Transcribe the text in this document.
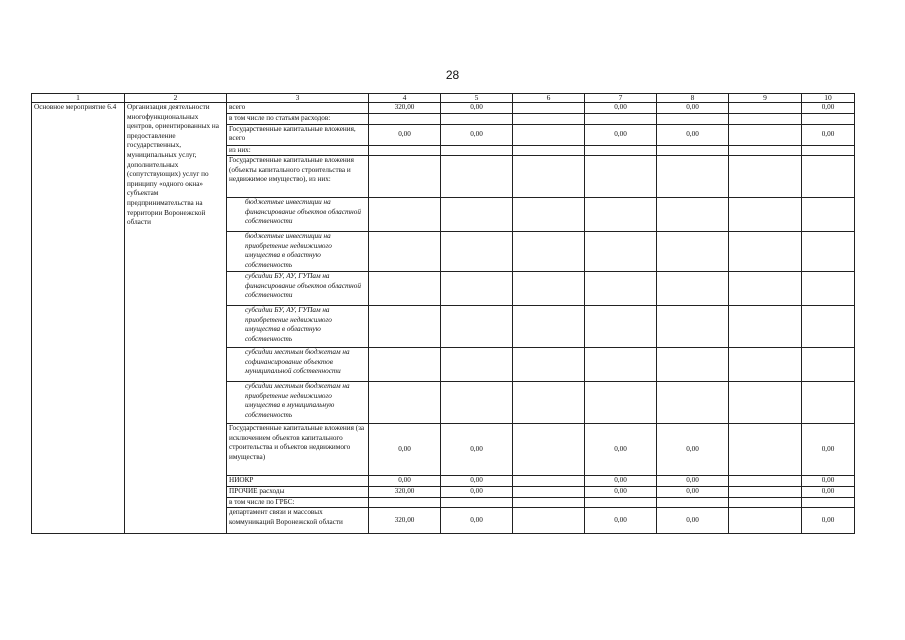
28
1	2	3	4	5	6	7	8	9	10
Основное мероприятие 6.4	Организация деятельности многофункциональных центров, ориентированных на предоставление государственных, муниципальных услуг, дополнительных (сопутствующих) услуг по принципу «одного окна» субъектам предпринимательства на территории Воронежской области	всего	320,00	0,00		0,00	0,00		0,00
		в том числе по статьям расходов:							
		Государственные капитальные вложения, всего	0,00	0,00		0,00	0,00		0,00
		из них:							
		Государственные капитальные вложения (объекты капитального строительства и недвижимое имущество), из них:							
		бюджетные инвестиции на финансирование объектов областной собственности							
		бюджетные инвестиции на приобретение недвижимого имущества в областную собственность							
		субсидии БУ, АУ, ГУПам на финансирование объектов областной собственности							
		субсидии БУ, АУ, ГУПам на приобретение недвижимого имущества в областную собственность							
		субсидии местным бюджетам на софинансирование объектов муниципальной собственности							
		субсидии местным бюджетам на приобретение недвижимого имущества в муниципальную собственность							
		Государственные капитальные вложения (за исключением объектов капитального строительства и объектов недвижимого имущества)	0,00	0,00		0,00	0,00		0,00
		НИОКР	0,00	0,00		0,00	0,00		0,00
		ПРОЧИЕ расходы	320,00	0,00		0,00	0,00		0,00
		в том числе по ГРБС:							
		департамент связи и массовых коммуникаций Воронежской области	320,00	0,00		0,00	0,00		0,00
